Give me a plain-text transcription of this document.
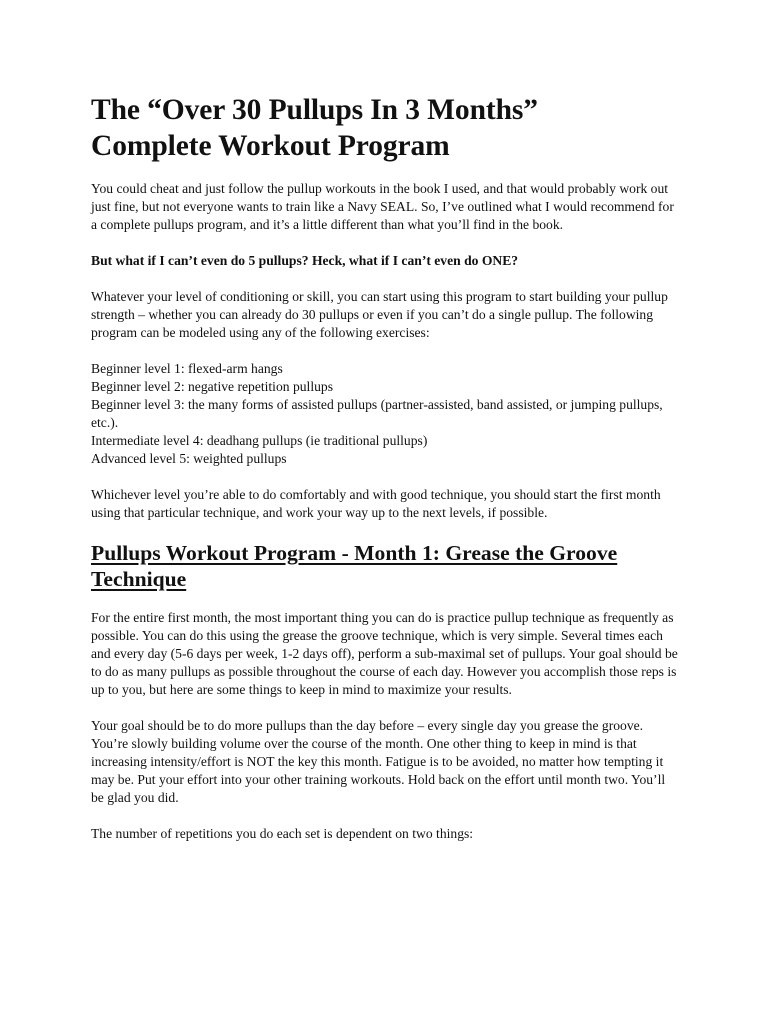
The “Over 30 Pullups In 3 Months”
Complete Workout Program

You could cheat and just follow the pullup workouts in the book I used, and that would probably work out just fine, but not everyone wants to train like a Navy SEAL. So, I’ve outlined what I would recommend for a complete pullups program, and it’s a little different than what you’ll find in the book.

But what if I can’t even do 5 pullups? Heck, what if I can’t even do ONE?

Whatever your level of conditioning or skill, you can start using this program to start building your pullup strength – whether you can already do 30 pullups or even if you can’t do a single pullup. The following program can be modeled using any of the following exercises:

Beginner level 1: flexed-arm hangs
Beginner level 2: negative repetition pullups
Beginner level 3: the many forms of assisted pullups (partner-assisted, band assisted, or jumping pullups, etc.).
Intermediate level 4: deadhang pullups (ie traditional pullups)
Advanced level 5: weighted pullups

Whichever level you’re able to do comfortably and with good technique, you should start the first month using that particular technique, and work your way up to the next levels, if possible.

Pullups Workout Program - Month 1: Grease the Groove Technique

For the entire first month, the most important thing you can do is practice pullup technique as frequently as possible. You can do this using the grease the groove technique, which is very simple. Several times each and every day (5-6 days per week, 1-2 days off), perform a sub-maximal set of pullups. Your goal should be to do as many pullups as possible throughout the course of each day. However you accomplish those reps is up to you, but here are some things to keep in mind to maximize your results.

Your goal should be to do more pullups than the day before – every single day you grease the groove. You’re slowly building volume over the course of the month. One other thing to keep in mind is that increasing intensity/effort is NOT the key this month. Fatigue is to be avoided, no matter how tempting it may be. Put your effort into your other training workouts. Hold back on the effort until month two. You’ll be glad you did.

The number of repetitions you do each set is dependent on two things:
